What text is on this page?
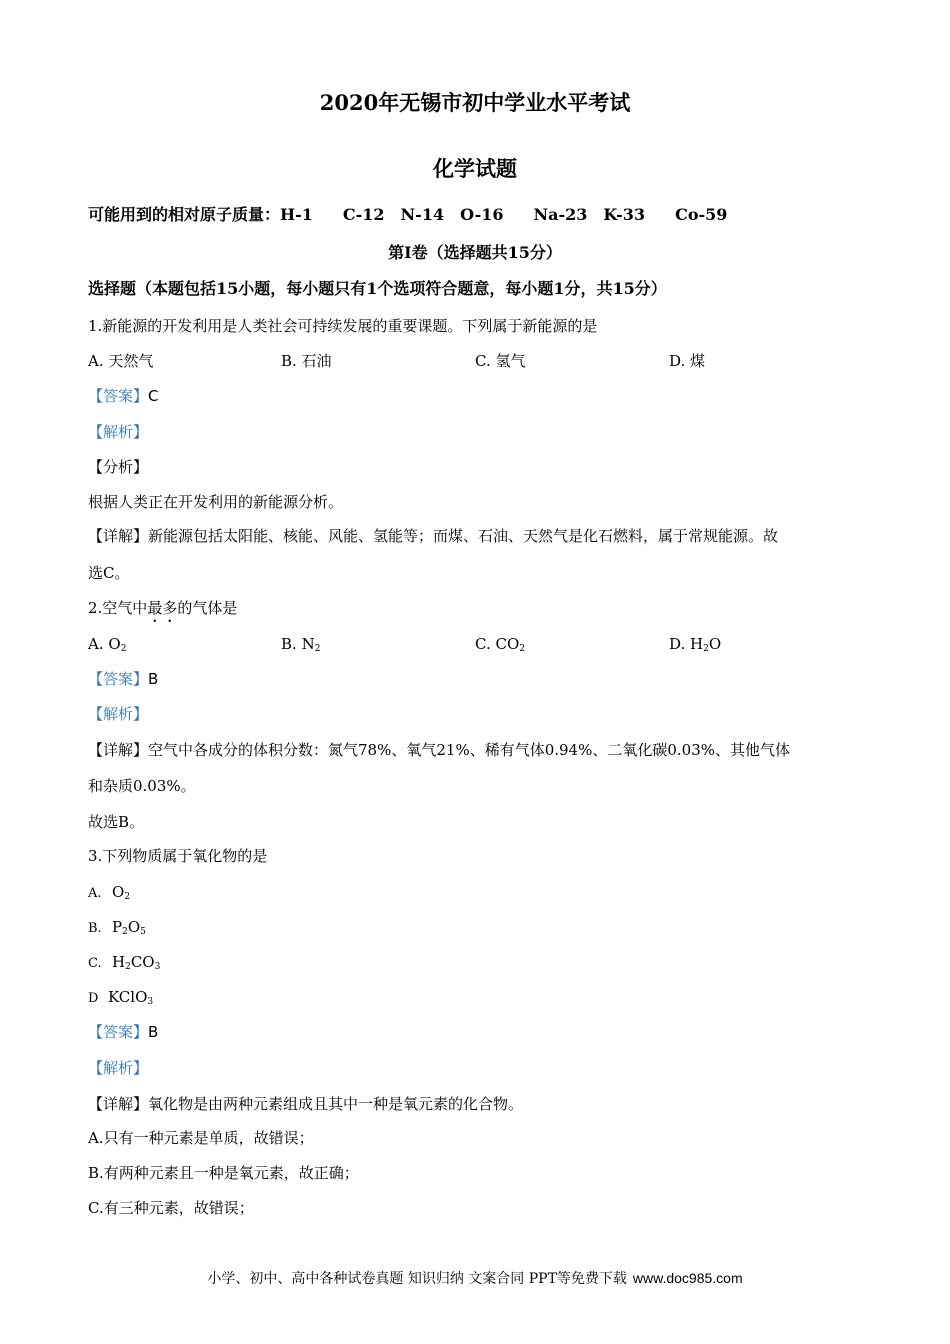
2020年无锡市初中学业水平考试
化学试题
可能用到的相对原子质量：H-1 C-12 N-14 O-16 Na-23 K-33 Co-59
第Ⅰ卷（选择题共15分）
选择题（本题包括15小题，每小题只有1个选项符合题意，每小题1分，共15分）
1.新能源的开发利用是人类社会可持续发展的重要课题。下列属于新能源的是
A. 天然气	B. 石油	C. 氢气	D. 煤
【答案】C
【解析】
【分析】
根据人类正在开发利用的新能源分析。
【详解】新能源包括太阳能、核能、风能、氢能等；而煤、石油、天然气是化石燃料，属于常规能源。故
选C。
2.空气中最多的气体是
A. $O_2$	B. $N_2$	C. $CO_2$	D. $H_2O$
【答案】B
【解析】
【详解】空气中各成分的体积分数：氮气78%、氧气21%、稀有气体0.94%、二氧化碳0.03%、其他气体
和杂质0.03%。
故选B。
3.下列物质属于氧化物的是
A. $O_2$
B. $P_2O_5$
C. $H_2CO_3$
D KClO$_3$
【答案】B
【解析】
【详解】氧化物是由两种元素组成且其中一种是氧元素的化合物。
A.只有一种元素是单质，故错误；
B.有两种元素且一种是氧元素，故正确；
C.有三种元素，故错误；
小学、初中、高中各种试卷真题 知识归纳 文案合同 PPT等免费下载 www.doc985.com
